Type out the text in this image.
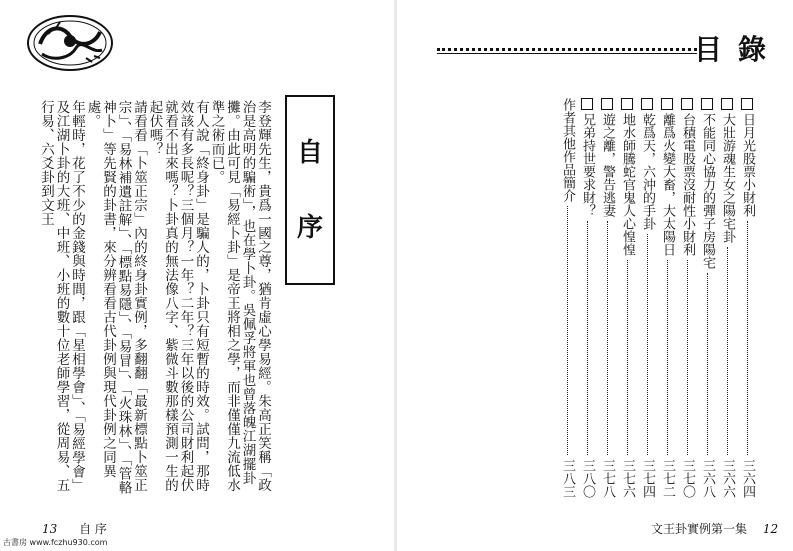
自
序

李登輝先生，貴爲一國之尊，猶肯虛心學易經。朱高正笑稱「政治是高明的騙術」，也在學卜卦。吳佩孚將軍也曾落魄江湖擺卦攤。由此可見「易經卜卦」是帝王將相之學，而非僅僅九流低水準之術而已。

有人說「終身卦」是騙人的，卜卦只有短暫的時效。試問，那時效該有多長呢？三個月？一年？二年？三年以後的公司財利起伏就看不出來嗎？卜卦真的無法像八字、紫微斗數那樣預測一生的起伏嗎？

請看看「卜筮正宗」內的終身卦實例，多翻翻「最新標點卜筮正宗」、「易林補遺註解」、「標點易隱」、「易冒」、「火珠林」、「管輅神卜」等先賢的卦書，來分辨看看古代卦例與現代卦例之同異處。

年輕時，花了不少的金錢與時間，跟「星相學會」、「易經學會」及江湖卜卦的大班、中班、小班的數十位老師學習，從周易、五行易、六爻卦到文王

13 自 序
古書房 www.fczhu930.com
目錄
日月光股票小財利
三六四
大壯游魂生女之陽宅卦
三六六
不能同心協力的彈子房陽宅
三六八
台積電股票沒耐性小財利
三七〇
離爲火變大畜，大太陽日
三七二
乾爲天，六沖的手卦
三七四
地水師騰蛇官鬼人心惶惶
三七六
遊之離，警告逃妻
三七八
兄弟持世要求財？
三八〇
作者其他作品簡介
三八三
文王卦實例第一集 12
